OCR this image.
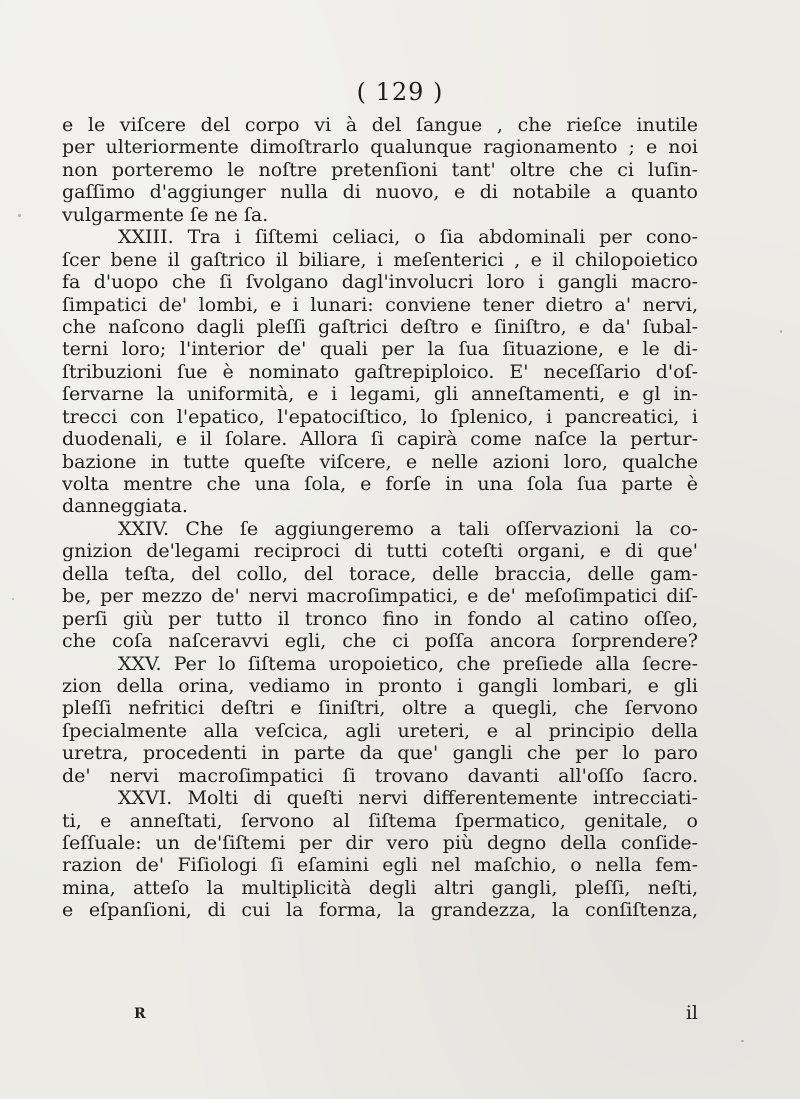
( 129 )
e le viſcere del corpo vi à del ſangue , che rieſce inutile
per ulteriormente dimoſtrarlo qualunque ragionamento ; e noi
non porteremo le noſtre pretenſioni tant' oltre che ci luſin-
gaſſimo d'aggiunger nulla di nuovo, e di notabile a quanto
vulgarmente ſe ne ſa.
XXIII. Tra i ſiſtemi celiaci, o ſia abdominali per cono-
ſcer bene il gaſtrico il biliare, i meſenterici , e il chilopoietico
fa d'uopo che ſi ſvolgano dagl'involucri loro i gangli macro-
ſimpatici de' lombi, e i lunari: conviene tener dietro a' nervi,
che naſcono dagli pleſſi gaſtrici deſtro e ſiniſtro, e da' ſubal-
terni loro; l'interior de' quali per la ſua ſituazione, e le di-
ſtribuzioni ſue è nominato gaſtrepiploico. E' neceſſario d'oſ-
ſervarne la uniformità, e i legami, gli anneſtamenti, e gl in-
trecci con l'epatico, l'epatociſtico, lo ſplenico, i pancreatici, i
duodenali, e il ſolare. Allora ſi capirà come naſce la pertur-
bazione in tutte queſte viſcere, e nelle azioni loro, qualche
volta mentre che una ſola, e forſe in una ſola ſua parte è
danneggiata.
XXIV. Che ſe aggiungeremo a tali oſſervazioni la co-
gnizion de'legami reciproci di tutti coteſti organi, e di que'
della teſta, del collo, del torace, delle braccia, delle gam-
be, per mezzo de' nervi macroſimpatici, e de' meſoſimpatici diſ-
perſi giù per tutto il tronco fino in fondo al catino oſſeo,
che coſa naſceravvi egli, che ci poſſa ancora ſorprendere?
XXV. Per lo ſiſtema uropoietico, che preſiede alla ſecre-
zion della orina, vediamo in pronto i gangli lombari, e gli
pleſſi nefritici deſtri e ſiniſtri, oltre a quegli, che ſervono
ſpecialmente alla veſcica, agli ureteri, e al principio della
uretra, procedenti in parte da que' gangli che per lo paro
de' nervi macroſimpatici ſi trovano davanti all'oſſo ſacro.
XXVI. Molti di queſti nervi differentemente intrecciati-
ti, e anneſtati, ſervono al ſiſtema ſpermatico, genitale, o
ſeſſuale: un de'ſiſtemi per dir vero più degno della conſide-
razion de' Fiſiologi ſi eſamini egli nel maſchio, o nella fem-
mina, atteſo la multiplicità degli altri gangli, pleſſi, neſti,
e eſpanſioni, di cui la forma, la grandezza, la conſiſtenza,
R	il
